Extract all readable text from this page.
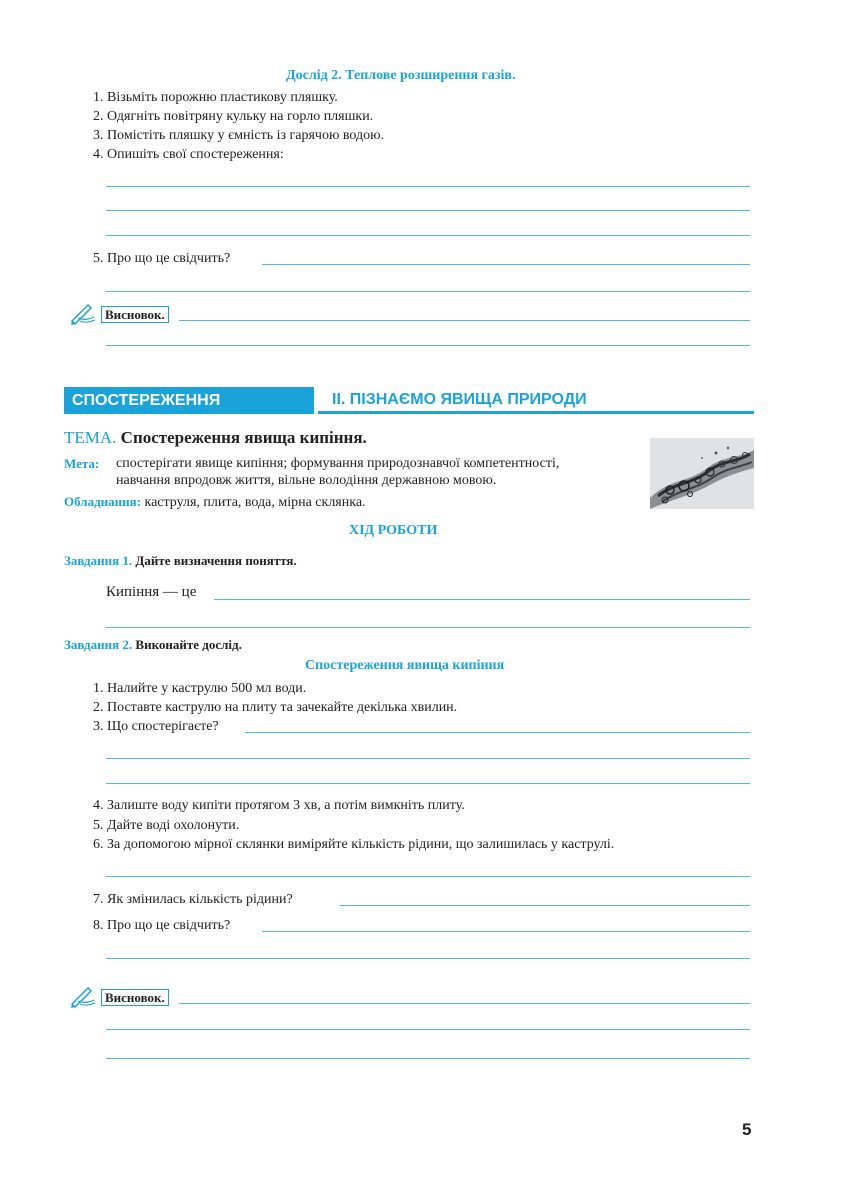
Дослід 2. Теплове розширення газів.
1. Візьміть порожню пластикову пляшку.
2. Одягніть повітряну кульку на горло пляшки.
3. Помістіть пляшку у ємність із гарячою водою.
4. Опишіть свої спостереження:
5. Про що це свідчить?
Висновок.
СПОСТЕРЕЖЕННЯ	ІІ. ПІЗНАЄМО ЯВИЩА ПРИРОДИ
ТЕМА. Спостереження явища кипіння.
Мета: спостерігати явище кипіння; формування природознавчої компетентності,
навчання впродовж життя, вільне володіння державною мовою.
Обладнання: каструля, плита, вода, мірна склянка.
ХІД РОБОТИ
Завдання 1. Дайте визначення поняття.
Кипіння — це
Завдання 2. Виконайте дослід.
Спостереження явища кипіння
1. Налийте у каструлю 500 мл води.
2. Поставте каструлю на плиту та зачекайте декілька хвилин.
3. Що спостерігаєте?
4. Залиште воду кипіти протягом 3 хв, а потім вимкніть плиту.
5. Дайте воді охолонути.
6. За допомогою мірної склянки виміряйте кількість рідини, що залишилась у каструлі.
7. Як змінилась кількість рідини?
8. Про що це свідчить?
Висновок.
5
